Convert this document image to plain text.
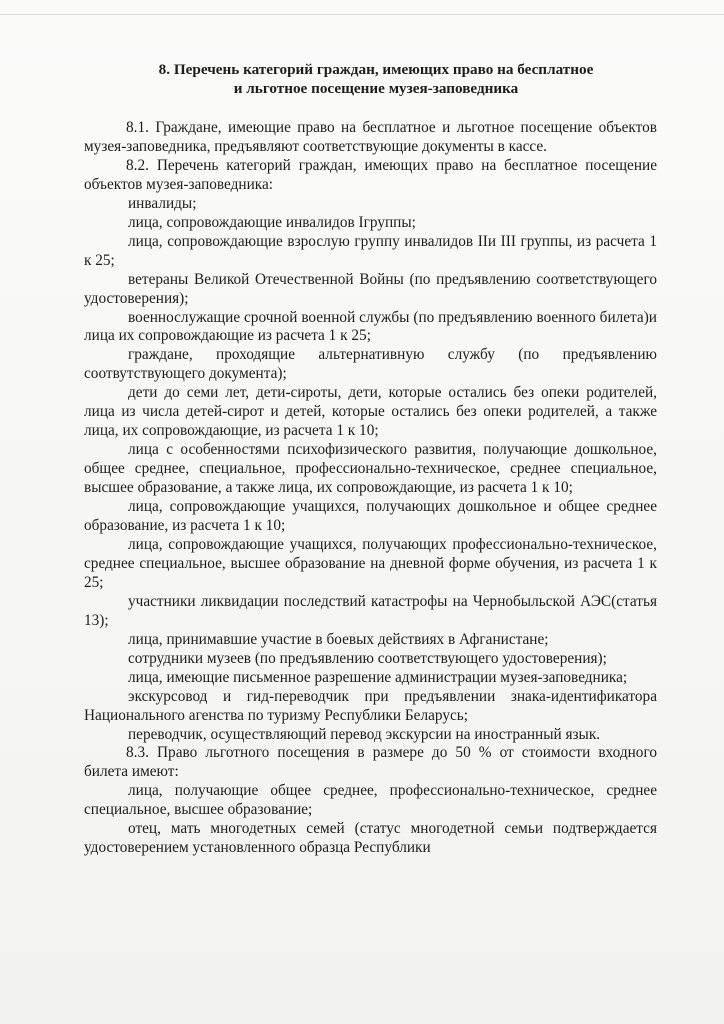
8. Перечень категорий граждан, имеющих право на бесплатное
и льготное посещение музея-заповедника

8.1. Граждане, имеющие право на бесплатное и льготное посещение объектов музея-заповедника, предъявляют соответствующие документы в кассе.

8.2. Перечень категорий граждан, имеющих право на бесплатное посещение объектов музея-заповедника:

инвалиды;

лица, сопровождающие инвалидов Iгруппы;

лица, сопровождающие взрослую группу инвалидов IIи III группы, из расчета 1 к 25;

ветераны Великой Отечественной Войны (по предъявлению соответствующего удостоверения);

военнослужащие срочной военной службы (по предъявлению военного билета)и лица их сопровождающие из расчета 1 к 25;

граждане, проходящие альтернативную службу (по предъявлению соотвутствующего документа);

дети до семи лет, дети-сироты, дети, которые остались без опеки родителей, лица из числа детей-сирот и детей, которые остались без опеки родителей, а также лица, их сопровождающие, из расчета 1 к 10;

лица с особенностями психофизического развития, получающие дошкольное, общее среднее, специальное, профессионально-техническое, среднее специальное, высшее образование, а также лица, их сопровождающие, из расчета 1 к 10;

лица, сопровождающие учащихся, получающих дошкольное и общее среднее образование, из расчета 1 к 10;

лица, сопровождающие учащихся, получающих профессионально-техническое, среднее специальное, высшее образование на дневной форме обучения, из расчета 1 к 25;

участники ликвидации последствий катастрофы на Чернобыльской АЭС(статья 13);

лица, принимавшие участие в боевых действиях в Афганистане;

сотрудники музеев (по предъявлению соответствующего удостоверения);

лица, имеющие письменное разрешение администрации музея-заповедника;

экскурсовод и гид-переводчик при предъявлении знака-идентификатора Национального агенства по туризму Республики Беларусь;

переводчик, осуществляющий перевод экскурсии на иностранный язык.

8.3. Право льготного посещения в размере до 50 % от стоимости входного билета имеют:

лица, получающие общее среднее, профессионально-техническое, среднее специальное, высшее образование;

отец, мать многодетных семей (статус многодетной семьи подтверждается удостоверением установленного образца Республики
